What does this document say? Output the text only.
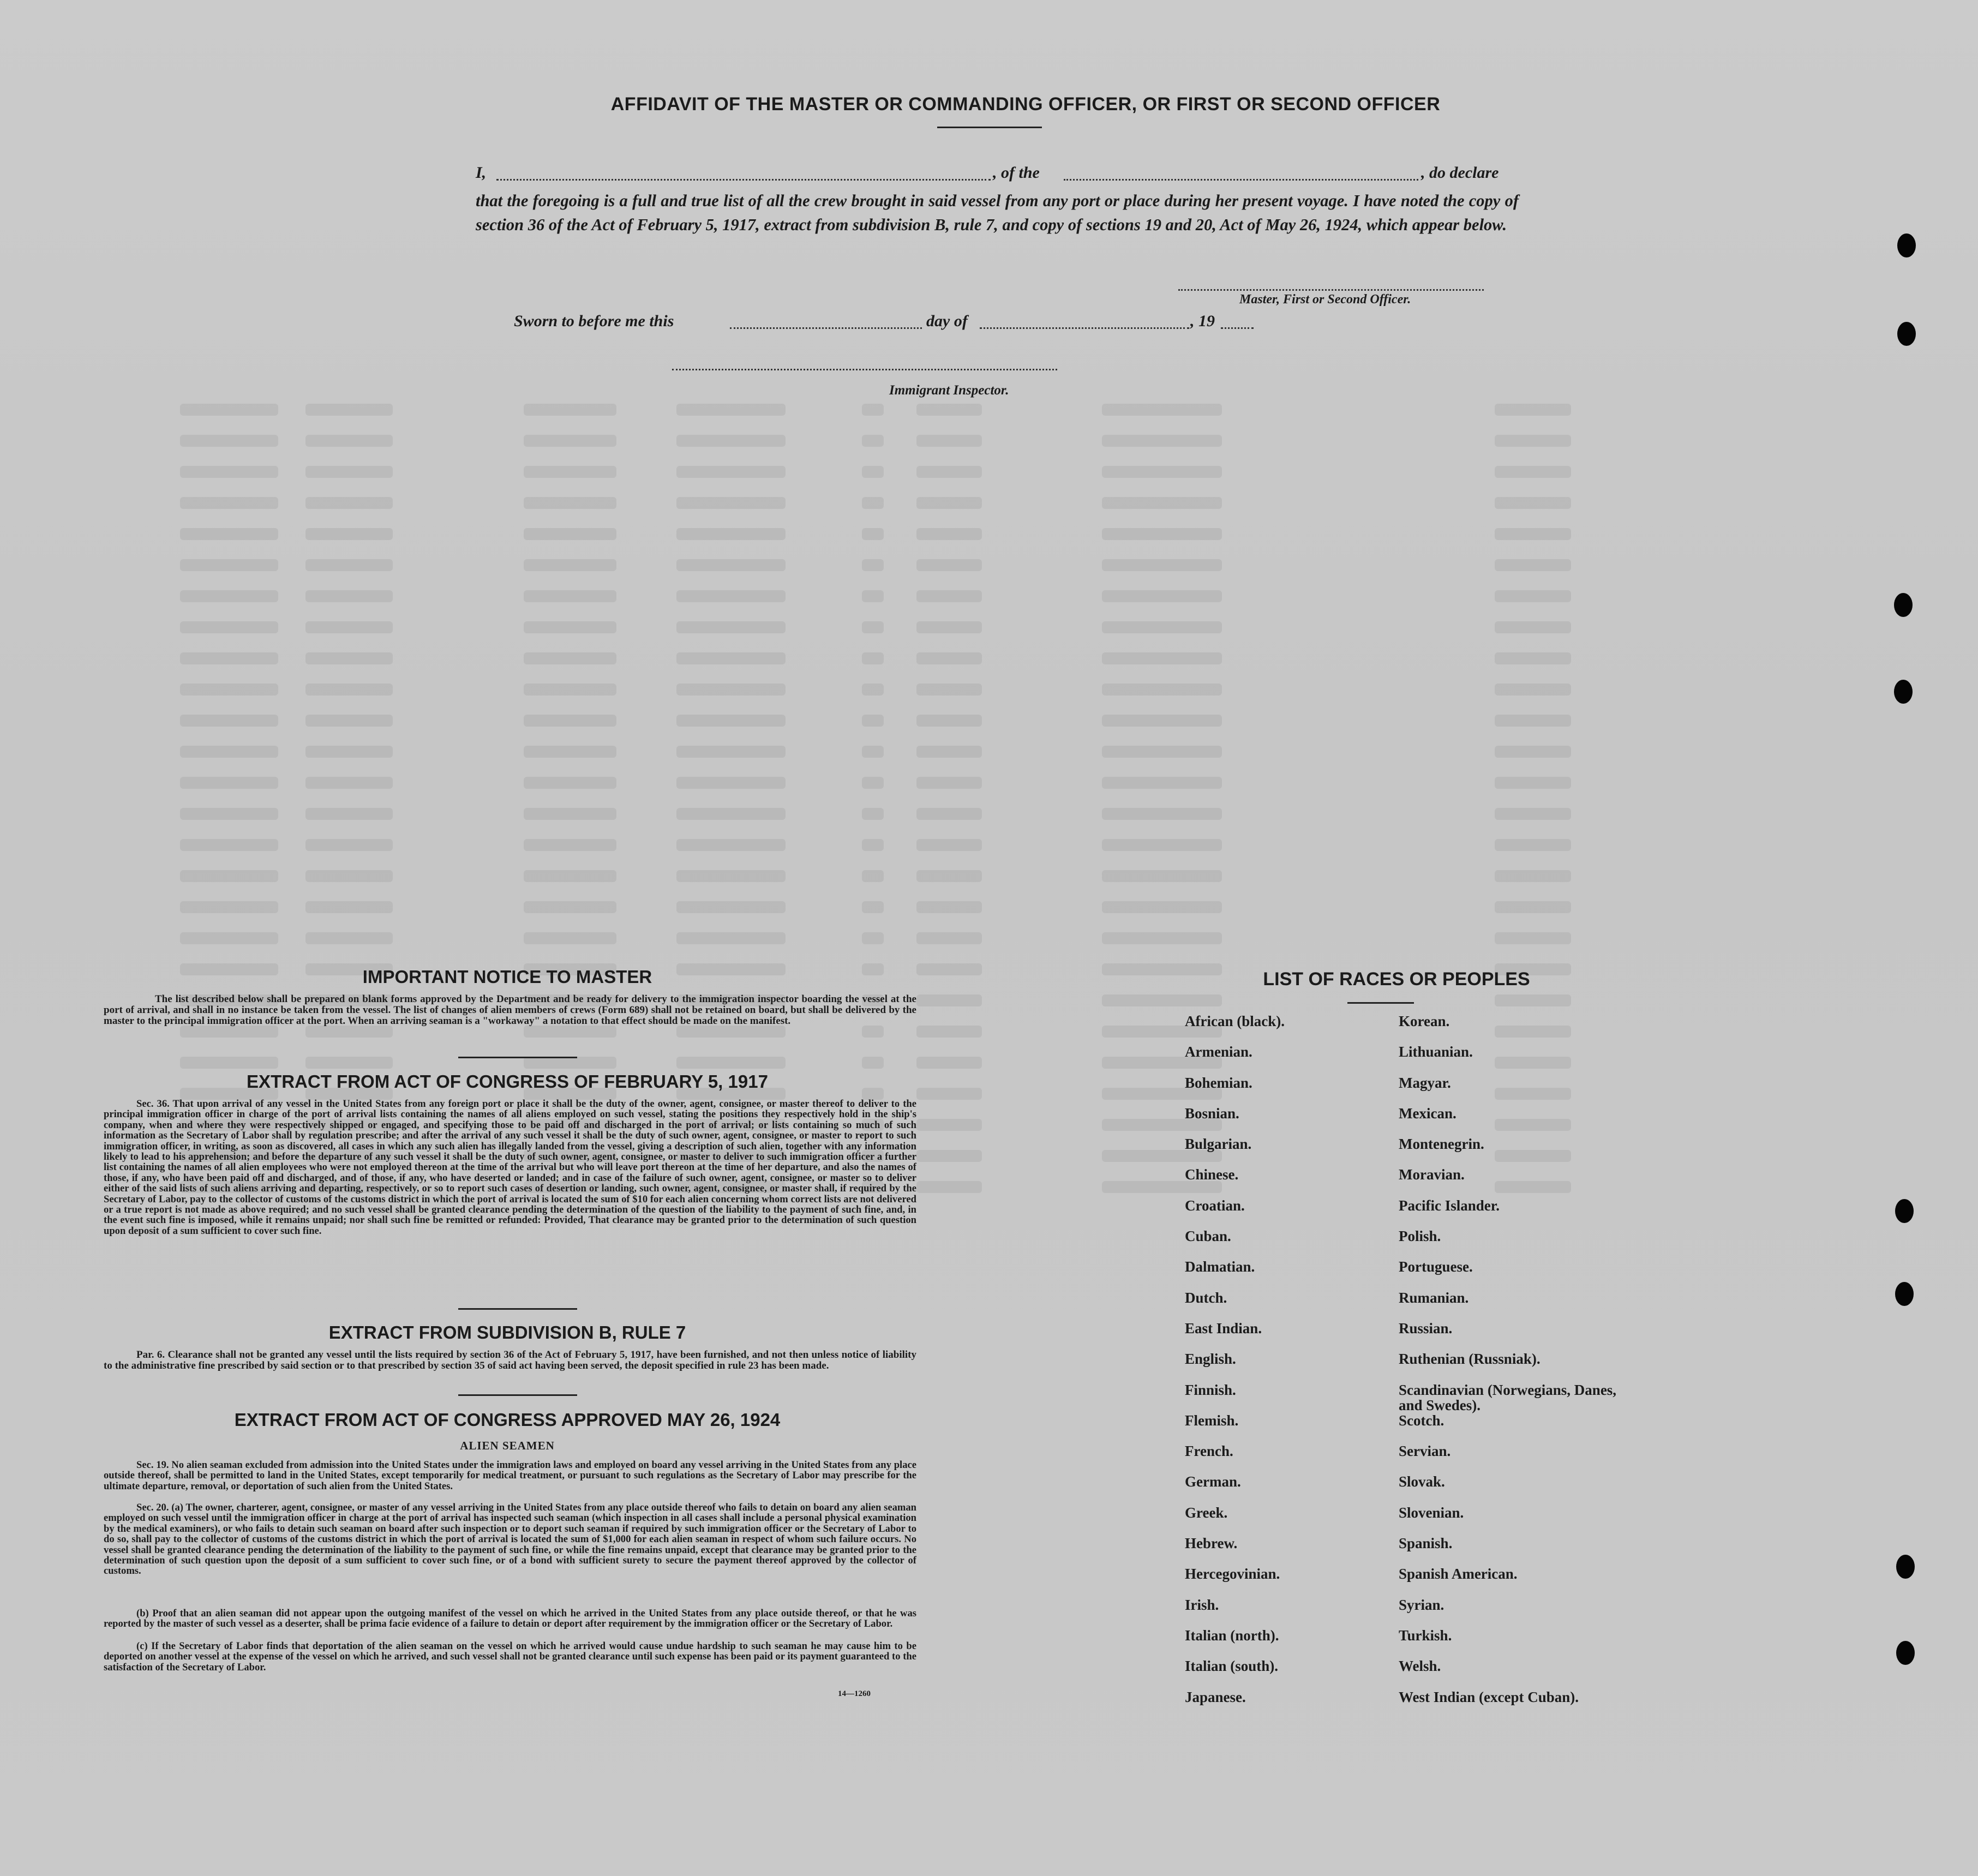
AFFIDAVIT OF THE MASTER OR COMMANDING OFFICER, OR FIRST OR SECOND OFFICER
I,	, of the	, do declare
that the foregoing is a full and true list of all the crew brought in said vessel from any port or place during her present voyage. I have noted the copy of section 36 of the Act of February 5, 1917, extract from subdivision B, rule 7, and copy of sections 19 and 20, Act of May 26, 1924, which appear below.
Master, First or Second Officer.
Sworn to before me this	day of	, 19
Immigrant Inspector.
IMPORTANT NOTICE TO MASTER
The list described below shall be prepared on blank forms approved by the Department and be ready for delivery to the immigration inspector boarding the vessel at the port of arrival, and shall in no instance be taken from the vessel. The list of changes of alien members of crews (Form 689) shall not be retained on board, but shall be delivered by the master to the principal immigration officer at the port. When an arriving seaman is a "workaway" a notation to that effect should be made on the manifest.
EXTRACT FROM ACT OF CONGRESS OF FEBRUARY 5, 1917
Sec. 36. That upon arrival of any vessel in the United States from any foreign port or place it shall be the duty of the owner, agent, consignee, or master thereof to deliver to the principal immigration officer in charge of the port of arrival lists containing the names of all aliens employed on such vessel, stating the positions they respectively hold in the ship's company, when and where they were respectively shipped or engaged, and specifying those to be paid off and discharged in the port of arrival; or lists containing so much of such information as the Secretary of Labor shall by regulation prescribe; and after the arrival of any such vessel it shall be the duty of such owner, agent, consignee, or master to report to such immigration officer, in writing, as soon as discovered, all cases in which any such alien has illegally landed from the vessel, giving a description of such alien, together with any information likely to lead to his apprehension; and before the departure of any such vessel it shall be the duty of such owner, agent, consignee, or master to deliver to such immigration officer a further list containing the names of all alien employees who were not employed thereon at the time of the arrival but who will leave port thereon at the time of her departure, and also the names of those, if any, who have been paid off and discharged, and of those, if any, who have deserted or landed; and in case of the failure of such owner, agent, consignee, or master so to deliver either of the said lists of such aliens arriving and departing, respectively, or so to report such cases of desertion or landing, such owner, agent, consignee, or master shall, if required by the Secretary of Labor, pay to the collector of customs of the customs district in which the port of arrival is located the sum of $10 for each alien concerning whom correct lists are not delivered or a true report is not made as above required; and no such vessel shall be granted clearance pending the determination of the question of the liability to the payment of such fine, and, in the event such fine is imposed, while it remains unpaid; nor shall such fine be remitted or refunded: Provided, That clearance may be granted prior to the determination of such question upon deposit of a sum sufficient to cover such fine.
EXTRACT FROM SUBDIVISION B, RULE 7
Par. 6. Clearance shall not be granted any vessel until the lists required by section 36 of the Act of February 5, 1917, have been furnished, and not then unless notice of liability to the administrative fine prescribed by said section or to that prescribed by section 35 of said act having been served, the deposit specified in rule 23 has been made.
EXTRACT FROM ACT OF CONGRESS APPROVED MAY 26, 1924
ALIEN SEAMEN
Sec. 19. No alien seaman excluded from admission into the United States under the immigration laws and employed on board any vessel arriving in the United States from any place outside thereof, shall be permitted to land in the United States, except temporarily for medical treatment, or pursuant to such regulations as the Secretary of Labor may prescribe for the ultimate departure, removal, or deportation of such alien from the United States.
Sec. 20. (a) The owner, charterer, agent, consignee, or master of any vessel arriving in the United States from any place outside thereof who fails to detain on board any alien seaman employed on such vessel until the immigration officer in charge at the port of arrival has inspected such seaman (which inspection in all cases shall include a personal physical examination by the medical examiners), or who fails to detain such seaman on board after such inspection or to deport such seaman if required by such immigration officer or the Secretary of Labor to do so, shall pay to the collector of customs of the customs district in which the port of arrival is located the sum of $1,000 for each alien seaman in respect of whom such failure occurs. No vessel shall be granted clearance pending the determination of the liability to the payment of such fine, or while the fine remains unpaid, except that clearance may be granted prior to the determination of such question upon the deposit of a sum sufficient to cover such fine, or of a bond with sufficient surety to secure the payment thereof approved by the collector of customs.
(b) Proof that an alien seaman did not appear upon the outgoing manifest of the vessel on which he arrived in the United States from any place outside thereof, or that he was reported by the master of such vessel as a deserter, shall be prima facie evidence of a failure to detain or deport after requirement by the immigration officer or the Secretary of Labor.
(c) If the Secretary of Labor finds that deportation of the alien seaman on the vessel on which he arrived would cause undue hardship to such seaman he may cause him to be deported on another vessel at the expense of the vessel on which he arrived, and such vessel shall not be granted clearance until such expense has been paid or its payment guaranteed to the satisfaction of the Secretary of Labor.
14—1260
LIST OF RACES OR PEOPLES
African (black).
Armenian.
Bohemian.
Bosnian.
Bulgarian.
Chinese.
Croatian.
Cuban.
Dalmatian.
Dutch.
East Indian.
English.
Finnish.
Flemish.
French.
German.
Greek.
Hebrew.
Hercegovinian.
Irish.
Italian (north).
Italian (south).
Japanese.
Korean.
Lithuanian.
Magyar.
Mexican.
Montenegrin.
Moravian.
Pacific Islander.
Polish.
Portuguese.
Rumanian.
Russian.
Ruthenian (Russniak).
Scandinavian (Norwegians, Danes, and Swedes).
Scotch.
Servian.
Slovak.
Slovenian.
Spanish.
Spanish American.
Syrian.
Turkish.
Welsh.
West Indian (except Cuban).
